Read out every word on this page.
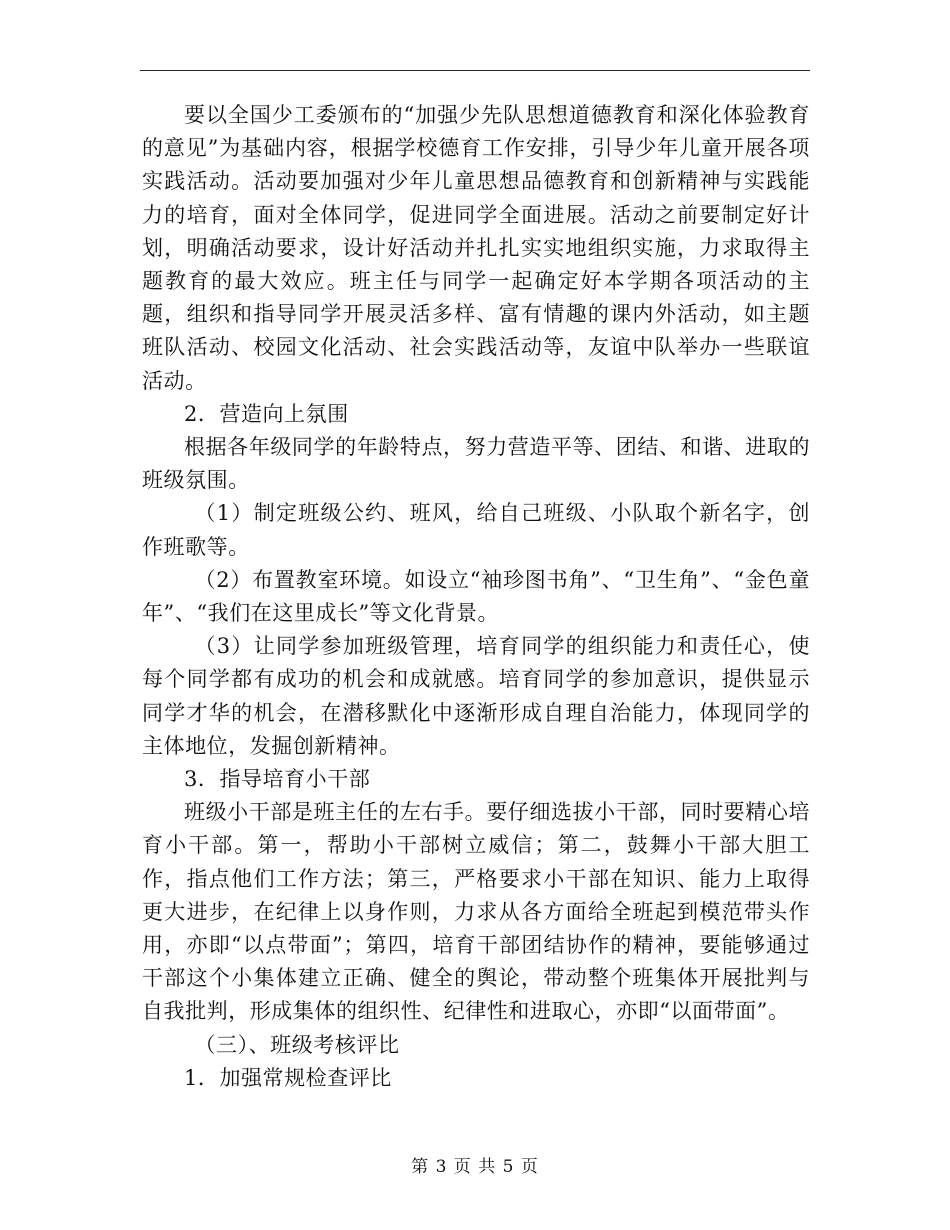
要以全国少工委颁布的“加强少先队思想道德教育和深化体验教育的意见”为基础内容，根据学校德育工作安排，引导少年儿童开展各项实践活动。活动要加强对少年儿童思想品德教育和创新精神与实践能力的培育，面对全体同学，促进同学全面进展。活动之前要制定好计划，明确活动要求，设计好活动并扎扎实实地组织实施，力求取得主题教育的最大效应。班主任与同学一起确定好本学期各项活动的主题，组织和指导同学开展灵活多样、富有情趣的课内外活动，如主题班队活动、校园文化活动、社会实践活动等，友谊中队举办一些联谊活动。

2．营造向上氛围

根据各年级同学的年龄特点，努力营造平等、团结、和谐、进取的班级氛围。

（1）制定班级公约、班风，给自己班级、小队取个新名字，创作班歌等。

（2）布置教室环境。如设立“袖珍图书角”、“卫生角”、“金色童年”、“我们在这里成长”等文化背景。

（3）让同学参加班级管理，培育同学的组织能力和责任心，使每个同学都有成功的机会和成就感。培育同学的参加意识，提供显示同学才华的机会，在潜移默化中逐渐形成自理自治能力，体现同学的主体地位，发掘创新精神。

3．指导培育小干部

班级小干部是班主任的左右手。要仔细选拔小干部，同时要精心培育小干部。第一，帮助小干部树立威信；第二，鼓舞小干部大胆工作，指点他们工作方法；第三，严格要求小干部在知识、能力上取得更大进步，在纪律上以身作则，力求从各方面给全班起到模范带头作用，亦即“以点带面”；第四，培育干部团结协作的精神，要能够通过干部这个小集体建立正确、健全的舆论，带动整个班集体开展批判与自我批判，形成集体的组织性、纪律性和进取心，亦即“以面带面”。

（三）、班级考核评比

1．加强常规检查评比

第 3 页 共 5 页
